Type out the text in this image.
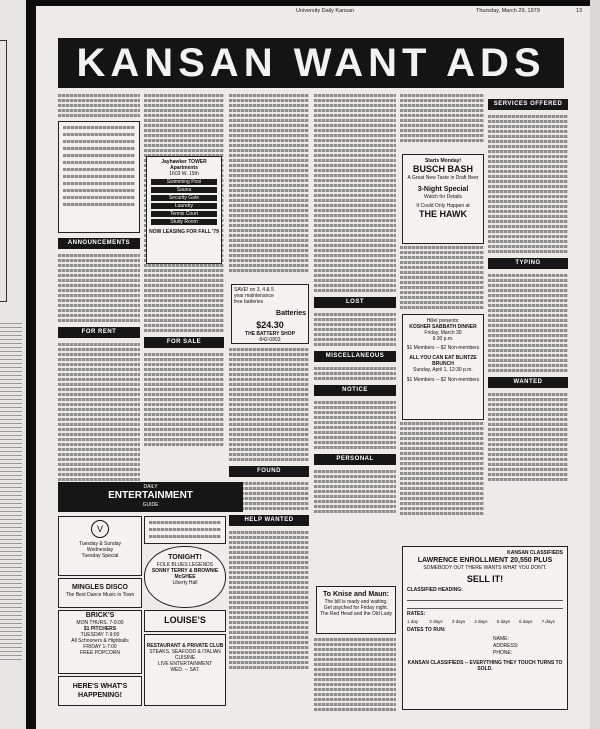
University Daily Kansan	Thursday, March 29, 1979	13
KANSAN WANT ADS
ANNOUNCEMENTS
FOR RENT
FOR SALE
Jayhawker TOWER Apartments
1603 W. 15th
Swimming Pool
Sauna
Security Gate
Laundry
Tennis Court
Study Room
NOW LEASING FOR FALL '79
SAVE! on 3, 4 & 5 year maintenance free batteries
Batteries
$24.30
THE BATTERY SHOP
842-0803
FOUND
HELP WANTED
LOST
MISCELLANEOUS
NOTICE
PERSONAL
To Knise and Maun:
The bill is ready and waiting.
Get psyched for Friday night.
The Red Head and the Old Lady
Starts Monday!
BUSCH BASH
A Great New Taste in Draft Beer
3-Night Special
Watch for Details
It Could Only Happen at
THE HAWK
Hillel presents:
KOSHER SABBATH DINNER
Friday, March 30
6:30 p.m.
$1 Members -- $2 Non-members
ALL YOU CAN EAT BLINTZE BRUNCH
Sunday, April 1, 12:30 p.m.
$1 Members -- $2 Non-members
SERVICES OFFERED
TYPING
WANTED
DAILY
ENTERTAINMENT
GUIDE
V
Tuesday & Sunday
Wednesday
Tuesday Special
MINGLES DISCO
The Best Dance Music in Town
BRICK'S
MON THURS. 7-9:00
$1 PITCHERS
TUESDAY 7-9:00
All Schooners & Highballs
FRIDAY 1-7:00
FREE POPCORN
HERE'S WHAT'S HAPPENING!
TONIGHT!
FOLK BLUES LEGENDS
SONNY TERRY & BROWNIE McGHEE
Liberty Hall
LOUISE'S
RESTAURANT & PRIVATE CLUB
STEAKS, SEAFOOD & ITALIAN CUISINE
LIVE ENTERTAINMENT
WED. -- SAT.
KANSAN CLASSIFIEDS
LAWRENCE ENROLLMENT 20,550 PLUS
SOMEBODY OUT THERE WANTS WHAT YOU DON'T.
SELL IT!
CLASSIFIED HEADING:
RATES:
1 day	2 days	3 days	4 days	5 days	6 days	7 days
DATES TO RUN:
NAME:
ADDRESS:
PHONE:
KANSAN CLASSIFIEDS -- EVERYTHING THEY TOUCH TURNS TO SOLD.
